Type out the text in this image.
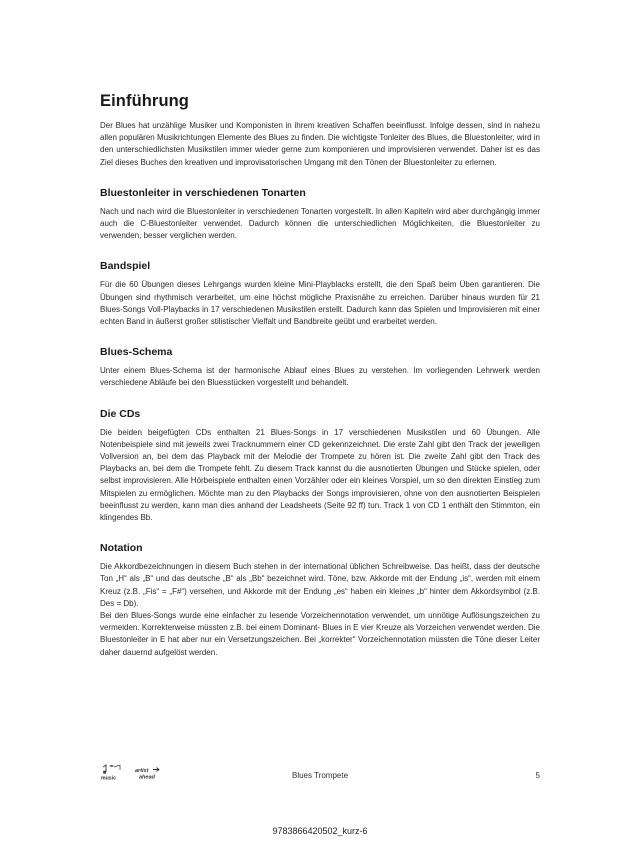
Einführung

Der Blues hat unzählige Musiker und Komponisten in ihrem kreativen Schaffen beeinflusst. Infolge dessen, sind in nahezu allen populären Musikrichtungen Elemente des Blues zu finden. Die wichtigste Tonleiter des Blues, die Bluestonleiter, wird in den unterschiedlichsten Musikstilen immer wieder gerne zum komponieren und improvisieren verwendet. Daher ist es das Ziel dieses Buches den kreativen und improvisatorischen Umgang mit den Tönen der Bluestonleiter zu erlernen.

Bluestonleiter in verschiedenen Tonarten

Nach und nach wird die Bluestonleiter in verschiedenen Tonarten vorgestellt. In allen Kapiteln wird aber durchgängig immer auch die C-Bluestonleiter verwendet. Dadurch können die unterschiedlichen Möglichkeiten, die Bluestonleiter zu verwenden, besser verglichen werden.

Bandspiel

Für die 60 Übungen dieses Lehrgangs wurden kleine Mini-Playblacks erstellt, die den Spaß beim Üben garantieren. Die Übungen sind rhythmisch verarbeitet, um eine höchst mögliche Praxisnähe zu erreichen. Darüber hinaus wurden für 21 Blues-Songs Voll-Playbacks in 17 verschiedenen Musikstilen erstellt. Dadurch kann das Spielen und Improvisieren mit einer echten Band in äußerst großer stilistischer Vielfalt und Bandbreite geübt und erarbeitet werden.

Blues-Schema

Unter einem Blues-Schema ist der harmonische Ablauf eines Blues zu verstehen. Im vorliegenden Lehrwerk werden verschiedene Abläufe bei den Bluesstücken vorgestellt und behandelt.

Die CDs

Die beiden beigefügten CDs enthalten 21 Blues-Songs in 17 verschiedenen Musikstilen und 60 Übungen. Alle Notenbeispiele sind mit jeweils zwei Tracknummern einer CD gekennzeichnet. Die erste Zahl gibt den Track der jeweiligen Vollversion an, bei dem das Playback mit der Melodie der Trompete zu hören ist. Die zweite Zahl gibt den Track des Playbacks an, bei dem die Trompete fehlt. Zu diesem Track kannst du die ausnotierten Übungen und Stücke spielen, oder selbst improvisieren. Alle Hörbeispiele enthalten einen Vorzähler oder ein kleines Vorspiel, um so den direkten Einstieg zum Mitspielen zu ermöglichen. Möchte man zu den Playbacks der Songs improvisieren, ohne von den ausnotierten Beispielen beeinflusst zu werden, kann man dies anhand der Leadsheets (Seite 92 ff) tun. Track 1 von CD 1 enthält den Stimmton, ein klingendes Bb.

Notation

Die Akkordbezeichnungen in diesem Buch stehen in der international üblichen Schreibweise. Das heißt, dass der deutsche Ton „H“ als „B“ und das deutsche „B“ als „Bb“ bezeichnet wird. Töne, bzw. Akkorde mit der Endung „is“, werden mit einem Kreuz (z.B. „Fis“ = „F#“) versehen, und Akkorde mit der Endung „es“ haben ein kleines „b“ hinter dem Akkordsymbol (z.B. Des = Db).

Bei den Blues-Songs wurde eine einfacher zu lesende Vorzeichennotation verwendet, um unnötige Auflösungszeichen zu vermeiden. Korrekterweise müssten z.B. bei einem Dominant- Blues in E vier Kreuze als Vorzeichen verwendet werden. Die Bluestonleiter in E hat aber nur ein Versetzungszeichen. Bei „korrekter“ Vorzeichennotation müssten die Töne dieser Leiter daher dauernd aufgelöst werden.

music
artist
ahead	Blues Trompete	5
9783866420502_kurz-6
